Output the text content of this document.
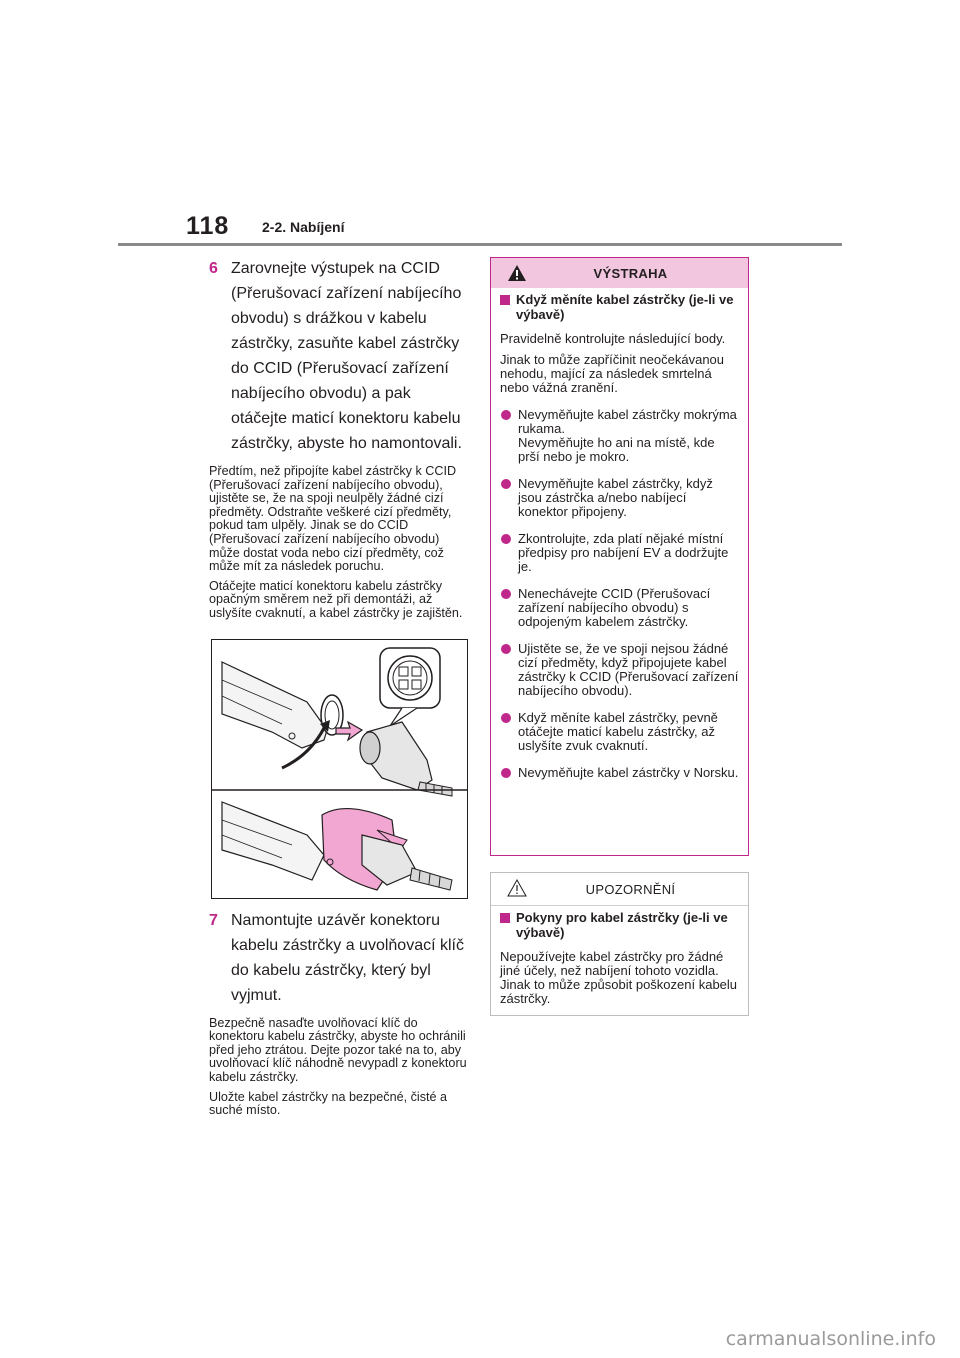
118 2-2. Nabíjení
6 Zarovnejte výstupek na CCID (Přerušovací zařízení nabíjecího obvodu) s drážkou v kabelu zástrčky, zasuňte kabel zástrčky do CCID (Přerušovací zařízení nabíjecího obvodu) a pak otáčejte maticí konektoru kabelu zástrčky, abyste ho namontovali.

Předtím, než připojíte kabel zástrčky k CCID (Přerušovací zařízení nabíjecího obvodu), ujistěte se, že na spoji neulpěly žádné cizí předměty. Odstraňte veškeré cizí předměty, pokud tam ulpěly. Jinak se do CCID (Přerušovací zařízení nabíjecího obvodu) může dostat voda nebo cizí předměty, což může mít za následek poruchu.

Otáčejte maticí konektoru kabelu zástrčky opačným směrem než při demontáži, až uslyšíte cvaknutí, a kabel zástrčky je zajištěn.

7 Namontujte uzávěr konektoru kabelu zástrčky a uvolňovací klíč do kabelu zástrčky, který byl vyjmut.

Bezpečně nasaďte uvolňovací klíč do konektoru kabelu zástrčky, abyste ho ochránili před jeho ztrátou. Dejte pozor také na to, aby uvolňovací klíč náhodně nevypadl z konektoru kabelu zástrčky.

Uložte kabel zástrčky na bezpečné, čisté a suché místo.

VÝSTRAHA
Když měníte kabel zástrčky (je-li ve výbavě)
Pravidelně kontrolujte následující body.
Jinak to může zapříčinit neočekávanou nehodu, mající za následek smrtelná nebo vážná zranění.
Nevyměňujte kabel zástrčky mokrýma rukama.
Nevyměňujte ho ani na místě, kde prší nebo je mokro.
Nevyměňujte kabel zástrčky, když jsou zástrčka a/nebo nabíjecí konektor připojeny.
Zkontrolujte, zda platí nějaké místní předpisy pro nabíjení EV a dodržujte je.
Nenechávejte CCID (Přerušovací zařízení nabíjecího obvodu) s odpojeným kabelem zástrčky.
Ujistěte se, že ve spoji nejsou žádné cizí předměty, když připojujete kabel zástrčky k CCID (Přerušovací zařízení nabíjecího obvodu).
Když měníte kabel zástrčky, pevně otáčejte maticí kabelu zástrčky, až uslyšíte zvuk cvaknutí.
Nevyměňujte kabel zástrčky v Norsku.
UPOZORNĚNÍ
Pokyny pro kabel zástrčky (je-li ve výbavě)
Nepoužívejte kabel zástrčky pro žádné jiné účely, než nabíjení tohoto vozidla. Jinak to může způsobit poškození kabelu zástrčky.
carmanualsonline.info
